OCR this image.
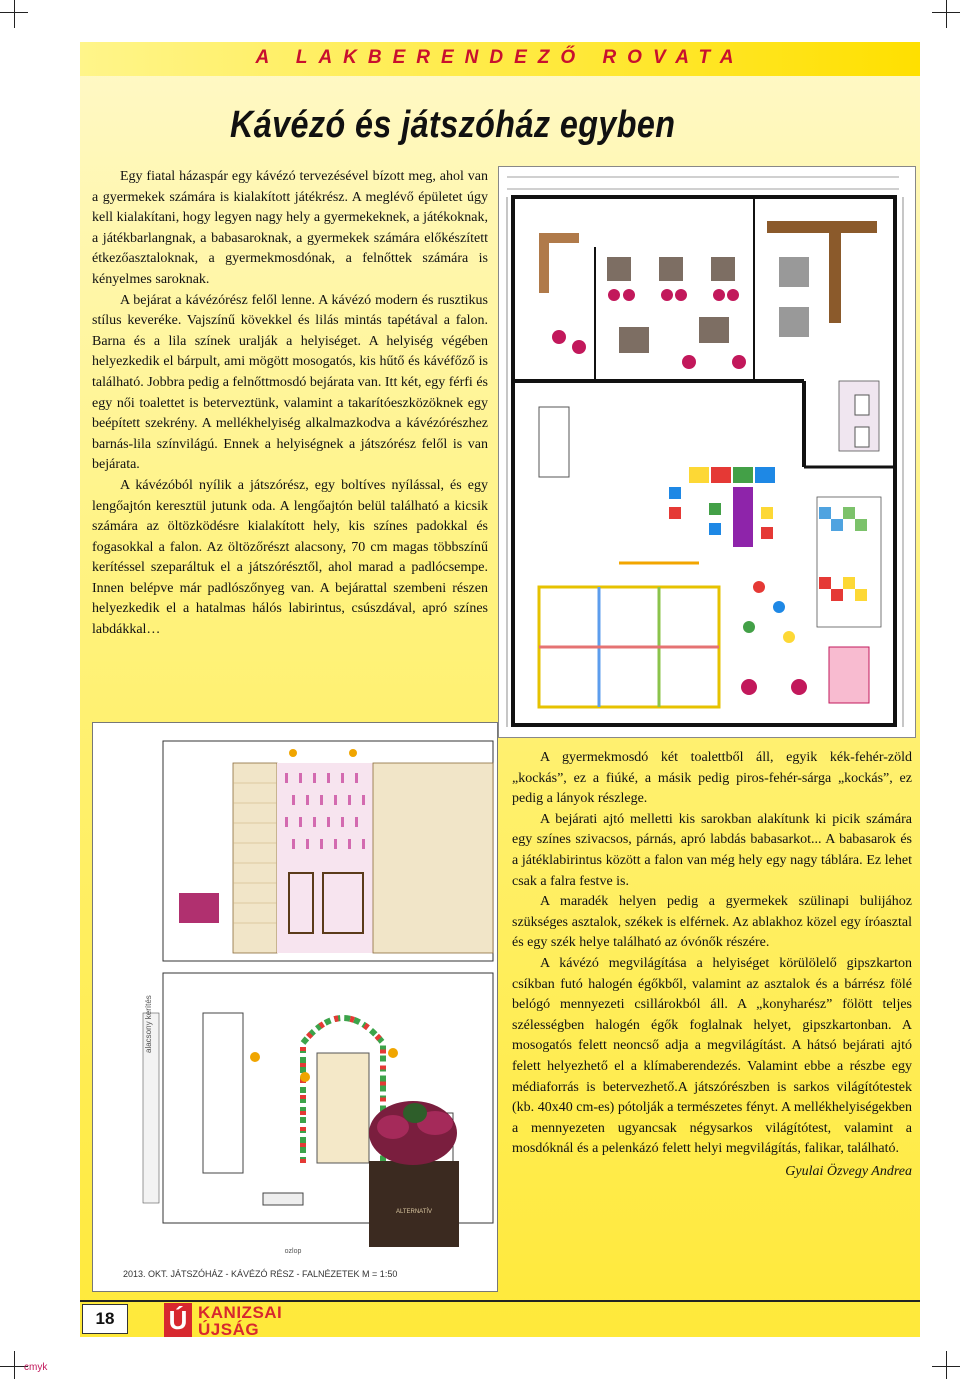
A LAKBERENDEZŐ ROVATA
Kávézó és játszóház egyben

Egy fiatal házaspár egy kávézó tervezésével bízott meg, ahol van a gyermekek számára is kialakított játékrész. A meglévő épületet úgy kell kialakítani, hogy legyen nagy hely a gyermekeknek, a játékoknak, a játékbarlangnak, a babasaroknak, a gyermekek számára előkészített étkezőasztaloknak, a gyermekmosdónak, a felnőttek számára is kényelmes saroknak.

A bejárat a kávézórész felől lenne. A kávézó modern és rusztikus stílus keveréke. Vajszínű kövekkel és lilás mintás tapétával a falon. Barna és a lila színek uralják a helyiséget. A helyiség végében helyezkedik el bárpult, ami mögött mosogatós, kis hűtő és kávéfőző is található. Jobbra pedig a felnőttmosdó bejárata van. Itt két, egy férfi és egy női toalettet is beterveztünk, valamint a takarítóeszközöknek egy beépített szekrény. A mellékhelyiség alkalmazkodva a kávézórészhez barnás-lila színvilágú. Ennek a helyiségnek a játszórész felől is van bejárata.

A kávézóból nyílik a játszórész, egy boltíves nyílással, és egy lengőajtón keresztül jutunk oda. A lengőajtón belül található a kicsik számára az öltözködésre kialakított hely, kis színes padokkal és fogasokkal a falon. Az öltözőrészt alacsony, 70 cm magas többszínű kerítéssel szeparáltuk el a játszórésztől, ahol marad a padlócsempe. Innen belépve már padlószőnyeg van. A bejárattal szembeni részen helyezkedik el a hatalmas hálós labirintus, csúszdával, apró színes labdákkal…

alacsony kerítés
ALTERNATÍV
ozlop
2013. OKT. JÁTSZÓHÁZ - KÁVÉZÓ RÉSZ - FALNÉZETEK M = 1:50

A gyermekmosdó két toalettből áll, egyik kék-fehér-zöld „kockás”, ez a fiúké, a másik pedig piros-fehér-sárga „kockás”, ez pedig a lányok részlege.

A bejárati ajtó melletti kis sarokban alakítunk ki picik számára egy színes szivacsos, párnás, apró labdás babasarkot... A babasarok és a játéklabirintus között a falon van még hely egy nagy táblára. Ez lehet csak a falra festve is.

A maradék helyen pedig a gyermekek szülinapi bulijához szükséges asztalok, székek is elférnek. Az ablakhoz közel egy íróasztal és egy szék helye található az óvónők részére.

A kávézó megvilágítása a helyiséget körülölelő gipszkarton csíkban futó halogén égőkből, valamint az asztalok és a bárrész fölé belógó mennyezeti csillárokból áll. A „konyharész” fölött teljes szélességben halogén égők foglalnak helyet, gipszkartonban. A mosogatós felett neoncső adja a megvilágítást. A hátsó bejárati ajtó felett helyezhető el a klímaberendezés. Valamint ebbe a részbe egy médiaforrás is betervezhető.A játszórészben is sarkos világítótestek (kb. 40x40 cm-es) pótolják a természetes fényt. A mellékhelyiségekben a mennyezeten ugyancsak négysarkos világítótest, valamint a mosdóknál és a pelenkázó felett helyi megvilágítás, falikar, található.

Gyulai Özvegy Andrea

18	Ú KANIZSAI
ÚJSÁG
cmyk
